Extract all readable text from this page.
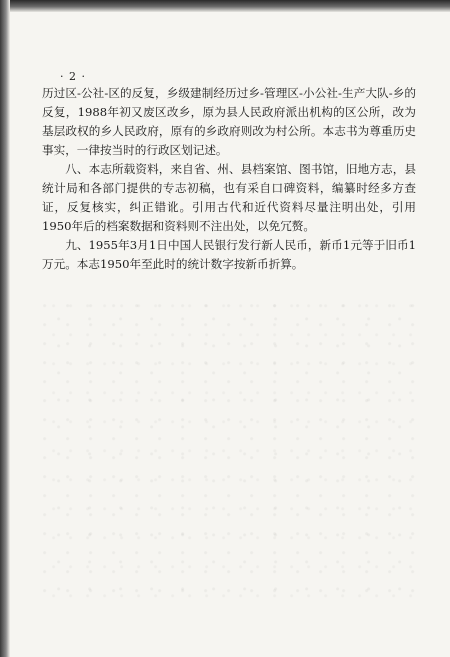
· 2 ·

历过区-公社-区的反复，乡级建制经历过乡-管理区-小公社-生产大队-乡的反复，1988年初又废区改乡，原为县人民政府派出机构的区公所，改为基层政权的乡人民政府，原有的乡政府则改为村公所。本志书为尊重历史事实，一律按当时的行政区划记述。

八、本志所载资料，来自省、州、县档案馆、图书馆，旧地方志，县统计局和各部门提供的专志初稿，也有采自口碑资料，编纂时经多方查证，反复核实，纠正错讹。引用古代和近代资料尽量注明出处，引用1950年后的档案数据和资料则不注出处，以免冗赘。

九、1955年3月1日中国人民银行发行新人民币，新币1元等于旧币1万元。本志1950年至此时的统计数字按新币折算。
